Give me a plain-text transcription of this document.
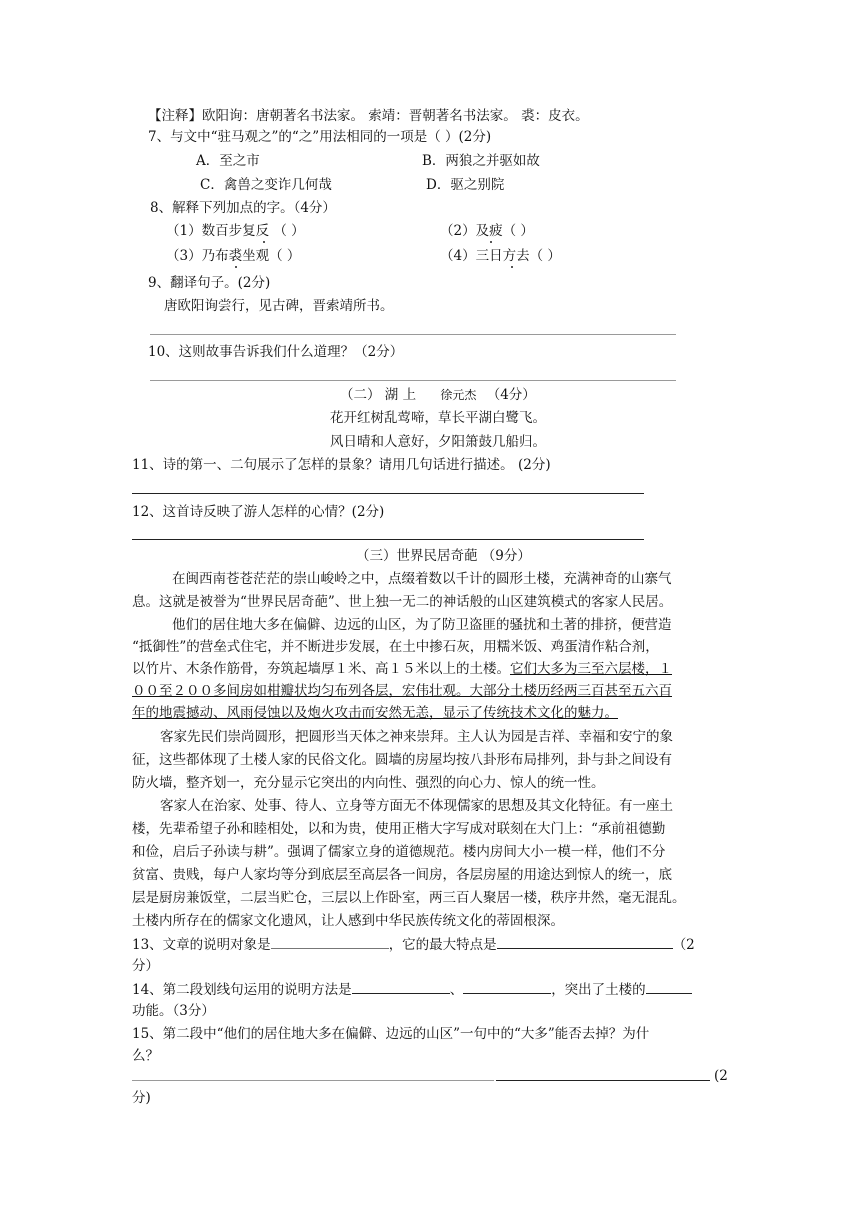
【注释】欧阳询：唐朝著名书法家。 索靖：晋朝著名书法家。 裘：皮衣。
7、与文中“驻马观之”的“之”用法相同的一项是（ ）(2分)
A．至之市	B．两狼之并驱如故
C．禽兽之变诈几何哉	D．驱之别院
8、解释下列加点的字。（4分）
（1）数百步复反 （ ）	（2）及疲（ ）
（3）乃布裘坐观（ ）	（4）三日方去（ ）
9、翻译句子。(2分)
唐欧阳询尝行，见古碑，晋索靖所书。
10、这则故事告诉我们什么道理？（2分）
（二） 湖 上 徐元杰 （4分）
花开红树乱莺啼，草长平湖白鹭飞。
风日晴和人意好，夕阳箫鼓几船归。
11、诗的第一、二句展示了怎样的景象？请用几句话进行描述。 (2分)
12、这首诗反映了游人怎样的心情？(2分)
（三）世界民居奇葩 （9分）
在闽西南苍苍茫茫的崇山峻岭之中，点缀着数以千计的圆形土楼，充满神奇的山寨气
息。这就是被誉为“世界民居奇葩”、世上独一无二的神话般的山区建筑模式的客家人民居。
他们的居住地大多在偏僻、边远的山区，为了防卫盗匪的骚扰和土著的排挤，便营造
“抵御性”的营垒式住宅，并不断进步发展，在土中掺石灰，用糯米饭、鸡蛋清作粘合剂，
以竹片、木条作筋骨，夯筑起墙厚１米、高１５米以上的土楼。它们大多为三至六层楼，１
００至２００多间房如柑瓣状均匀布列各层，宏伟壮观。大部分土楼历经两三百甚至五六百
年的地震撼动、风雨侵蚀以及炮火攻击而安然无恙，显示了传统技术文化的魅力。
客家先民们崇尚圆形，把圆形当天体之神来崇拜。主人认为园是吉祥、幸福和安宁的象
征，这些都体现了土楼人家的民俗文化。圆墙的房屋均按八卦形布局排列，卦与卦之间设有
防火墙，整齐划一，充分显示它突出的内向性、强烈的向心力、惊人的统一性。
客家人在治家、处事、待人、立身等方面无不体现儒家的思想及其文化特征。有一座土
楼，先辈希望子孙和睦相处，以和为贵，使用正楷大字写成对联刻在大门上：“承前祖德勤
和俭，启后子孙读与耕”。强调了儒家立身的道德规范。楼内房间大小一模一样，他们不分
贫富、贵贱，每户人家均等分到底层至高层各一间房，各层房屋的用途达到惊人的统一，底
层是厨房兼饭堂，二层当贮仓，三层以上作卧室，两三百人聚居一楼，秩序井然，毫无混乱。
土楼内所存在的儒家文化遗风，让人感到中华民族传统文化的蒂固根深。
13、文章的说明对象是	，它的最大特点是	（2
分）
14、第二段划线句运用的说明方法是	、	，突出了土楼的
功能。（3分）
15、第二段中“他们的居住地大多在偏僻、边远的山区”一句中的“大多”能否去掉？为什
么？
(2
分)
